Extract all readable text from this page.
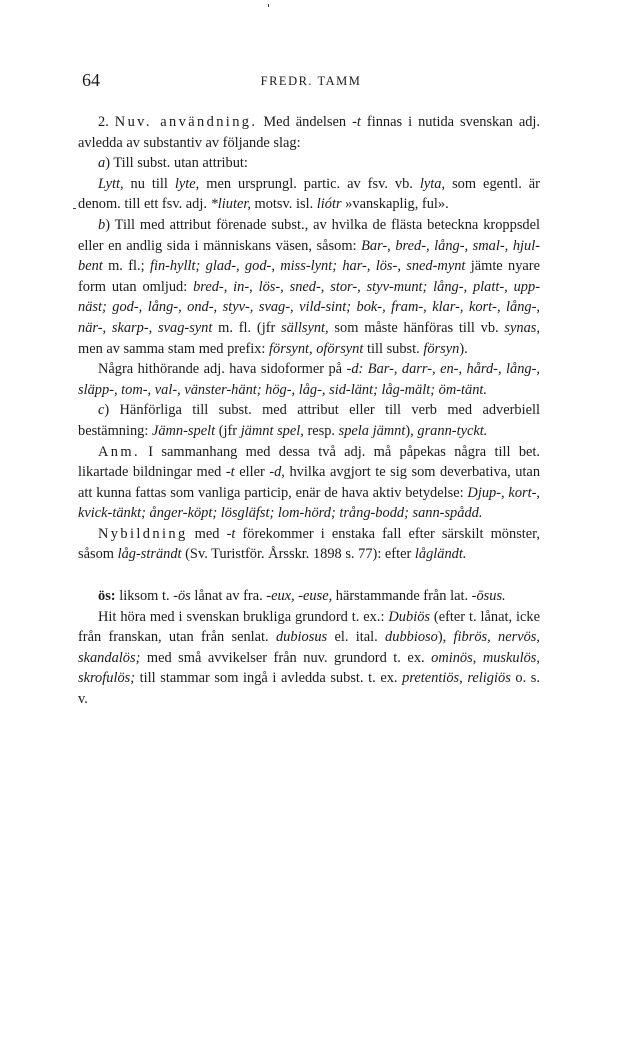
64	FREDR. TAMM

2. Nuv. användning. Med ändelsen -t finnas i nutida svenskan adj. avledda av substantiv av följande slag:

a) Till subst. utan attribut:

Lytt, nu till lyte, men ursprungl. partic. av fsv. vb. lyta, som egentl. är denom. till ett fsv. adj. *liuter, motsv. isl. liótr »vanskaplig, ful».

b) Till med attribut förenade subst., av hvilka de flästa beteckna kroppsdel eller en andlig sida i människans väsen, såsom: Bar-, bred-, lång-, smal-, hjul-bent m. fl.; fin-hyllt; glad-, god-, miss-lynt; har-, lös-, sned-mynt jämte nyare form utan omljud: bred-, in-, lös-, sned-, stor-, styv-munt; lång-, platt-, upp-näst; god-, lång-, ond-, styv-, svag-, vild-sint; bok-, fram-, klar-, kort-, lång-, när-, skarp-, svag-synt m. fl. (jfr sällsynt, som måste hänföras till vb. synas, men av samma stam med prefix: försynt, oförsynt till subst. försyn).

Några hithörande adj. hava sidoformer på -d: Bar-, darr-, en-, hård-, lång-, släpp-, tom-, val-, vänster-hänt; hög-, låg-, sid-länt; låg-mält; öm-tänt.

c) Hänförliga till subst. med attribut eller till verb med adverbiell bestämning: Jämn-spelt (jfr jämnt spel, resp. spela jämnt), grann-tyckt.

Anm. I sammanhang med dessa två adj. må påpekas några till bet. likartade bildningar med -t eller -d, hvilka avgjort te sig som deverbativa, utan att kunna fattas som vanliga particip, enär de hava aktiv betydelse: Djup-, kort-, kvick-tänkt; ånger-köpt; lösgläfst; lom-hörd; trång-bodd; sann-spådd.

Nybildning med -t förekommer i enstaka fall efter särskilt mönster, såsom låg-strändt (Sv. Turistför. Årsskr. 1898 s. 77): efter lågländt.

ös: liksom t. -ös lånat av fra. -eux, -euse, härstammande från lat. -ōsus.

Hit höra med i svenskan brukliga grundord t. ex.: Dubiös (efter t. lånat, icke från franskan, utan från senlat. dubiosus el. ital. dubbioso), fibrös, nervös, skandalös; med små avvikelser från nuv. grundord t. ex. ominös, muskulös, skrofulös; till stammar som ingå i avledda subst. t. ex. pretentiös, religiös o. s. v.
